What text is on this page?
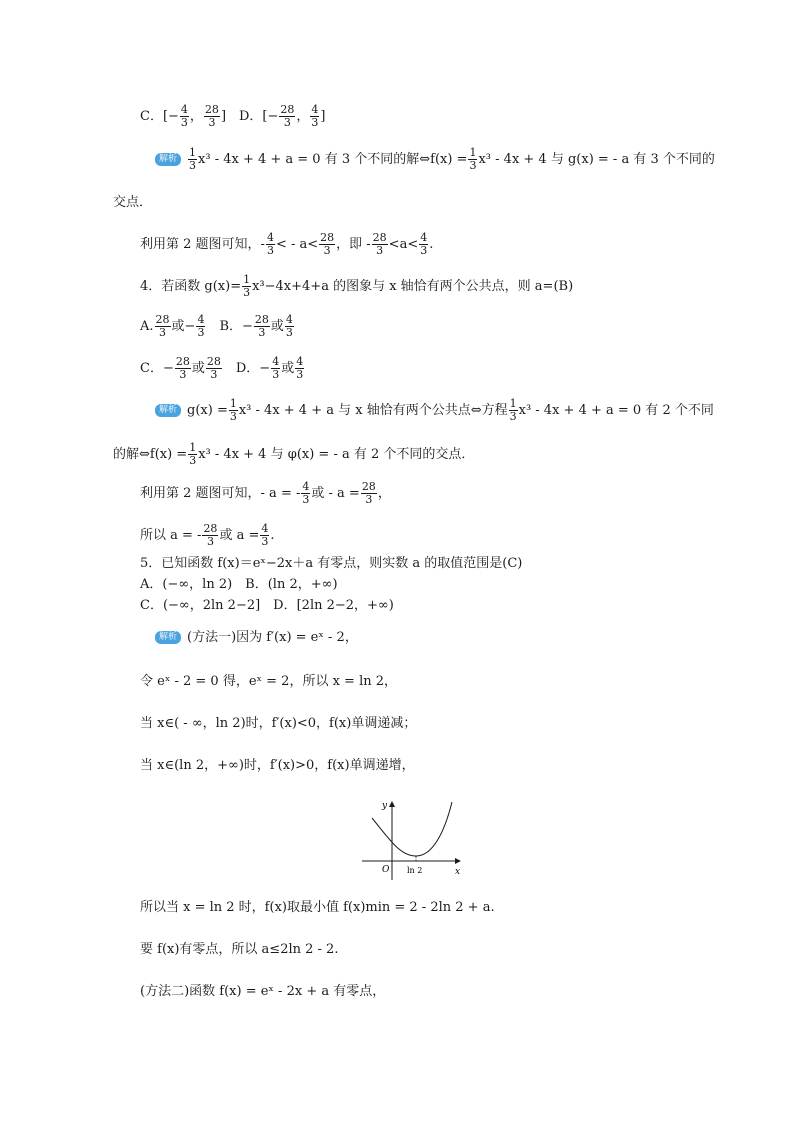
C．[− $\frac{4}{3}$ ， $\frac{28}{3}$ ]　D．[− $\frac{28}{3}$ ， $\frac{4}{3}$ ]
解析 $\frac{1}{3} x^3 - 4x + 4 + a = 0$ 有 3 个不同的解⇔f(x) = $\frac{1}{3} x^3 - 4x + 4$ 与 g(x) = - a 有 3 个不同的
交点．
利用第 2 题图可知，- $\frac{4}{3}$ < - $a< \frac{28}{3}$ ，即 - $\frac{28}{3} <a< \frac{4}{3}$ .
4．若函数 $g(x)= \frac{1}{3} x^3-4x+4+a$ 的图象与 x 轴恰有两个公共点，则 a=(B)
A. $\frac{28}{3}$ 或− $\frac{4}{3}$ 　B．− $\frac{28}{3}$ 或 $\frac{4}{3}$
C．− $\frac{28}{3}$ 或 $\frac{28}{3}$ 　D．− $\frac{4}{3}$ 或 $\frac{4}{3}$
解析 $g(x) = \frac{1}{3} x^3 - 4x + 4 + a$ 与 x 轴恰有两个公共点⇔方程 $\frac{1}{3} x^3 - 4x + 4 + a = 0$ 有 2 个不同
的解⇔f(x) = $\frac{1}{3} x^3 - 4x + 4$ 与 φ(x) = - a 有 2 个不同的交点．
利用第 2 题图可知，- a = - $\frac{4}{3}$ 或 - $a = \frac{28}{3}$ ，
所以 a = - $\frac{28}{3}$ 或 $a = \frac{4}{3}$ .
5．已知函数 f(x)＝eˣ−2x＋a 有零点，则实数 a 的取值范围是(C)
A．(−∞，ln 2)　B．(ln 2，+∞)
C．(−∞，2ln 2−2]　D．[2ln 2−2，+∞)
解析 (方法一)因为 f′(x) = eˣ - 2，
令 eˣ - 2 = 0 得，eˣ = 2，所以 x = ln 2，
当 x∈( - ∞，ln 2)时，f′(x)<0，f(x)单调递减；
当 x∈(ln 2，+∞)时，f′(x)>0，f(x)单调递增，
y
x
O ln 2
所以当 x = ln 2 时，f(x)取最小值 f(x)min = 2 - 2ln 2 + a.
要 f(x)有零点，所以 a≤2ln 2 - 2.
(方法二)函数 f(x) = eˣ - 2x + a 有零点，
